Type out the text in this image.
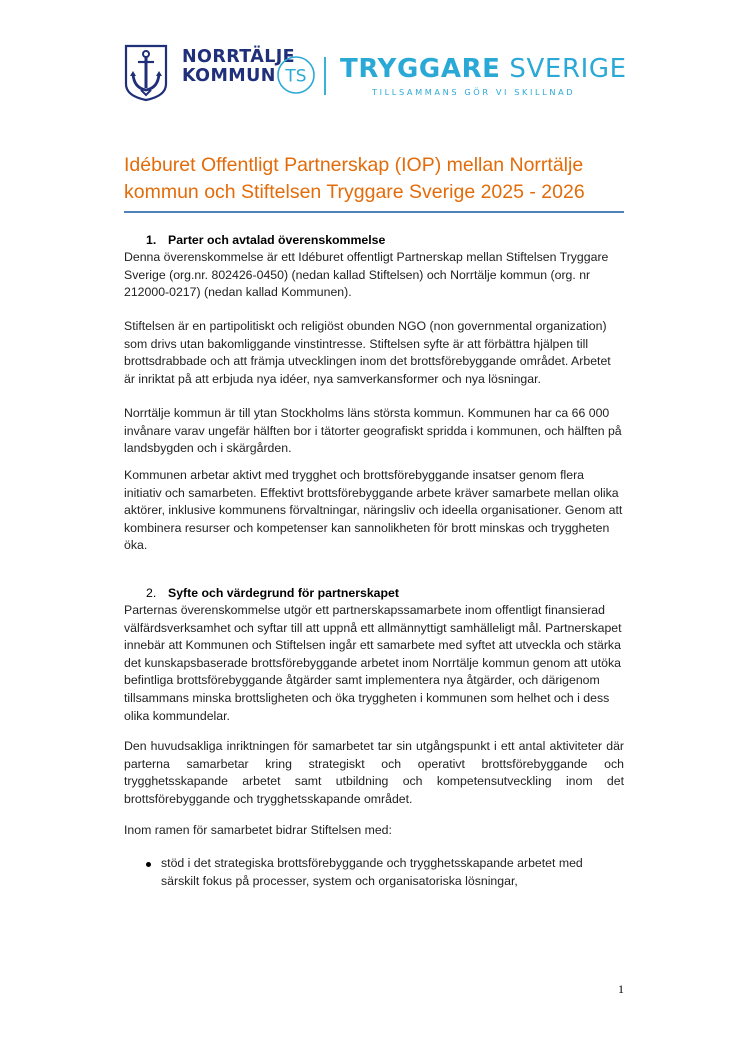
NORRTÄLJE
KOMMUN TS TRYGGARE SVERIGE
TILLSAMMANS GÖR VI SKILLNAD
Idéburet Offentligt Partnerskap (IOP) mellan Norrtälje kommun och Stiftelsen Tryggare Sverige 2025 - 2026
1. Parter och avtalad överenskommelse
Denna överenskommelse är ett Idéburet offentligt Partnerskap mellan Stiftelsen Tryggare Sverige (org.nr. 802426-0450) (nedan kallad Stiftelsen) och Norrtälje kommun (org. nr 212000-0217) (nedan kallad Kommunen).
Stiftelsen är en partipolitiskt och religiöst obunden NGO (non governmental organization) som drivs utan bakomliggande vinstintresse. Stiftelsen syfte är att förbättra hjälpen till brottsdrabbade och att främja utvecklingen inom det brottsförebyggande området. Arbetet är inriktat på att erbjuda nya idéer, nya samverkansformer och nya lösningar.
Norrtälje kommun är till ytan Stockholms läns största kommun. Kommunen har ca 66 000 invånare varav ungefär hälften bor i tätorter geografiskt spridda i kommunen, och hälften på landsbygden och i skärgården.
Kommunen arbetar aktivt med trygghet och brottsförebyggande insatser genom flera initiativ och samarbeten. Effektivt brottsförebyggande arbete kräver samarbete mellan olika aktörer, inklusive kommunens förvaltningar, näringsliv och ideella organisationer. Genom att kombinera resurser och kompetenser kan sannolikheten för brott minskas och tryggheten öka.
2. Syfte och värdegrund för partnerskapet
Parternas överenskommelse utgör ett partnerskapssamarbete inom offentligt finansierad välfärdsverksamhet och syftar till att uppnå ett allmännyttigt samhälleligt mål. Partnerskapet innebär att Kommunen och Stiftelsen ingår ett samarbete med syftet att utveckla och stärka det kunskapsbaserade brottsförebyggande arbetet inom Norrtälje kommun genom att utöka befintliga brottsförebyggande åtgärder samt implementera nya åtgärder, och därigenom tillsammans minska brottsligheten och öka tryggheten i kommunen som helhet och i dess olika kommundelar.
Den huvudsakliga inriktningen för samarbetet tar sin utgångspunkt i ett antal aktiviteter där parterna samarbetar kring strategiskt och operativt brottsförebyggande och trygghetsskapande arbetet samt utbildning och kompetensutveckling inom det brottsförebyggande och trygghetsskapande området.
Inom ramen för samarbetet bidrar Stiftelsen med:
stöd i det strategiska brottsförebyggande och trygghetsskapande arbetet med särskilt fokus på processer, system och organisatoriska lösningar,
1
